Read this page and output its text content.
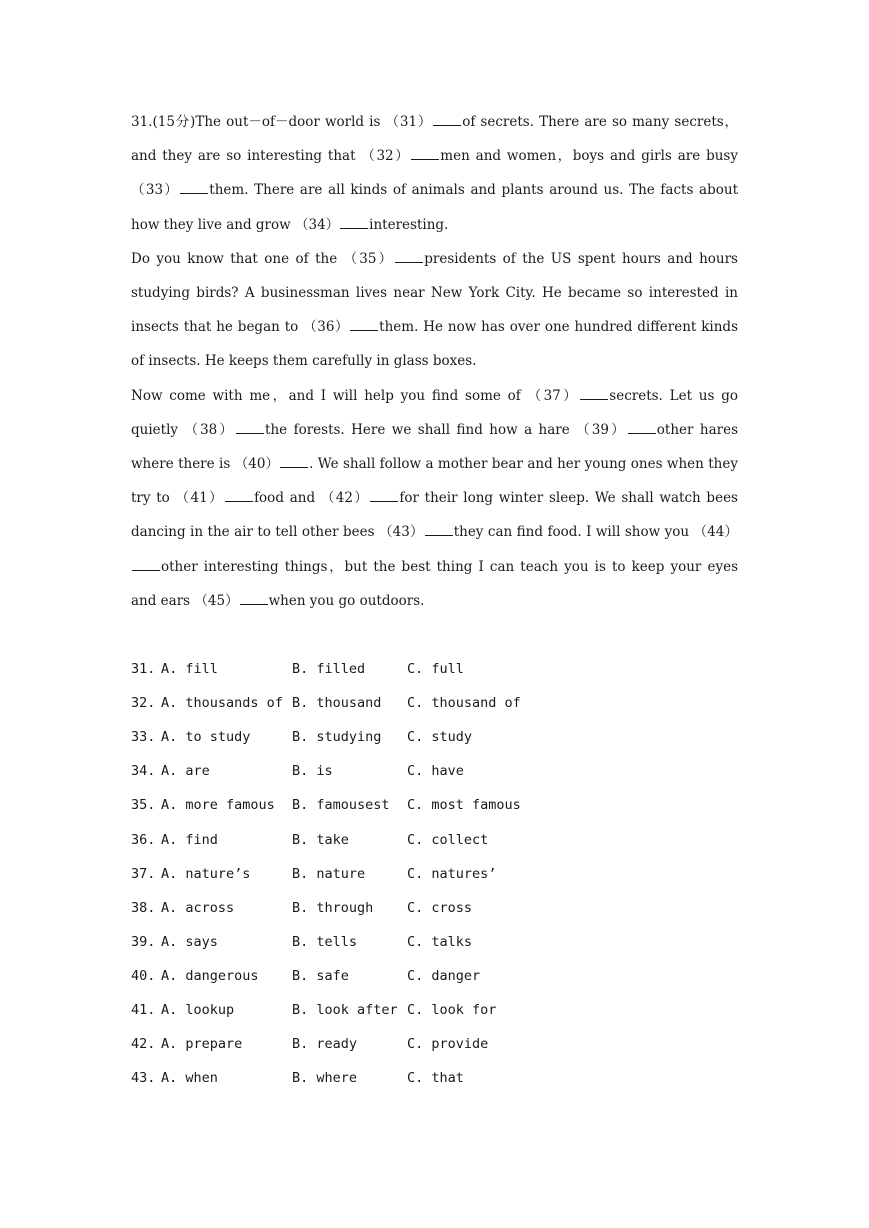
31.(15分)The out－of－door world is （31） of secrets. There are so many secrets，and they are so interesting that （32） men and women，boys and girls are busy （33） them. There are all kinds of animals and plants around us. The facts about how they live and grow （34） interesting.

Do you know that one of the （35） presidents of the US spent hours and hours studying birds? A businessman lives near New York City. He became so interested in insects that he began to （36） them. He now has over one hundred different kinds of insects. He keeps them carefully in glass boxes.

Now come with me，and I will help you find some of （37） secrets. Let us go quietly （38） the forests. Here we shall find how a hare （39） other hares where there is （40） . We shall follow a mother bear and her young ones when they try to （41） food and （42） for their long winter sleep. We shall watch bees dancing in the air to tell other bees （43） they can find food. I will show you （44）other interesting things，but the best thing I can teach you is to keep your eyes and ears （45） when you go outdoors.

31. A. fill	B. filled	C. full
32. A. thousands of B. thousand	C. thousand of
33. A. to study	B. studying	C. study
34. A. are	B. is	C. have
35. A. more famous	B. famousest	C. most famous
36. A. find	B. take	C. collect
37. A. nature’s	B. nature	C. natures’
38. A. across	B. through	C. cross
39. A. says	B. tells	C. talks
40. A. dangerous	B. safe	C. danger
41. A. lookup	B. look after C. look for
42. A. prepare	B. ready	C. provide
43. A. when	B. where	C. that
